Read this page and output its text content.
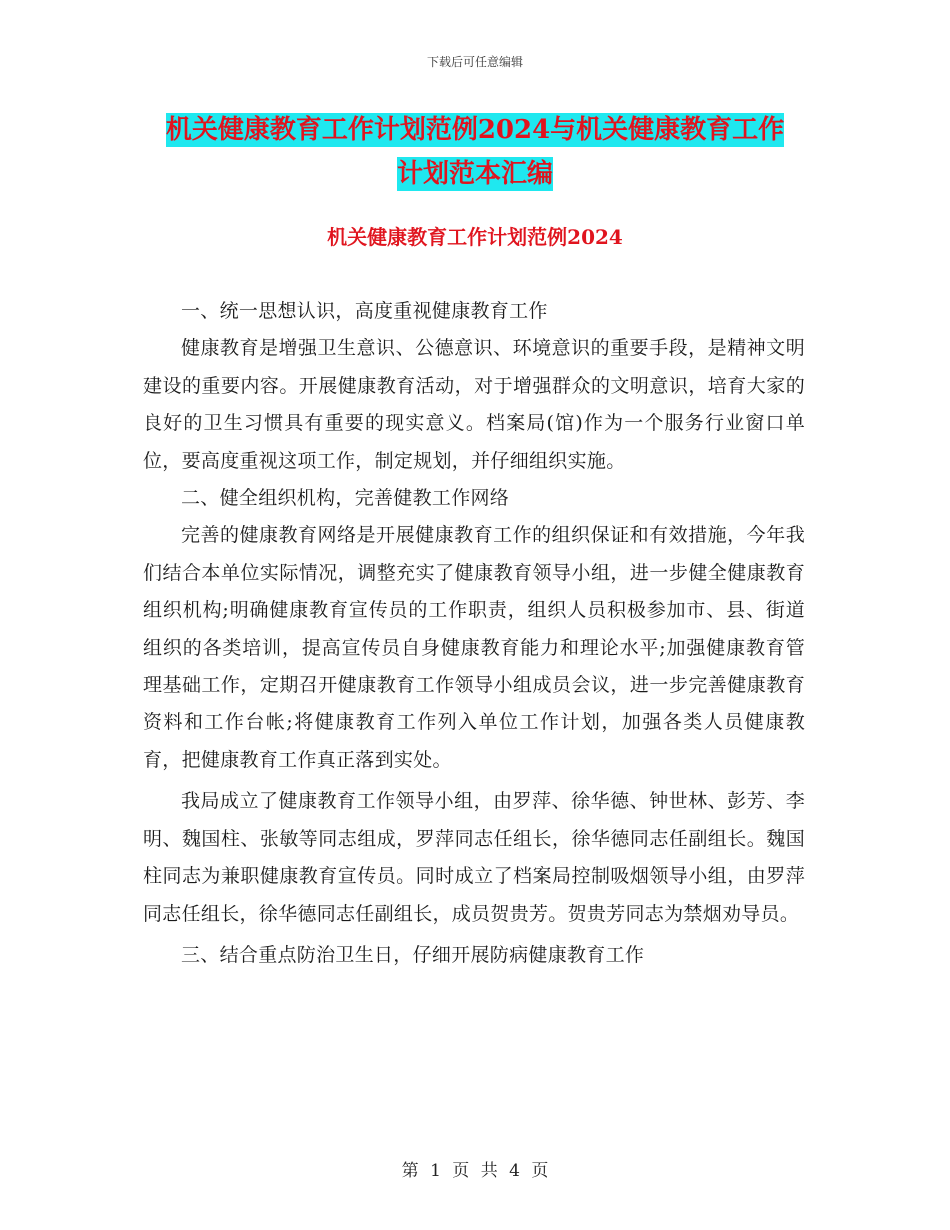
下载后可任意编辑
机关健康教育工作计划范例2024与机关健康教育工作
计划范本汇编
机关健康教育工作计划范例2024

一、统一思想认识，高度重视健康教育工作

健康教育是增强卫生意识、公德意识、环境意识的重要手段，是精神文明建设的重要内容。开展健康教育活动，对于增强群众的文明意识，培育大家的良好的卫生习惯具有重要的现实意义。档案局(馆)作为一个服务行业窗口单位，要高度重视这项工作，制定规划，并仔细组织实施。

二、健全组织机构，完善健教工作网络

完善的健康教育网络是开展健康教育工作的组织保证和有效措施，今年我们结合本单位实际情况，调整充实了健康教育领导小组，进一步健全健康教育组织机构;明确健康教育宣传员的工作职责，组织人员积极参加市、县、街道组织的各类培训，提高宣传员自身健康教育能力和理论水平;加强健康教育管理基础工作，定期召开健康教育工作领导小组成员会议，进一步完善健康教育资料和工作台帐;将健康教育工作列入单位工作计划，加强各类人员健康教育，把健康教育工作真正落到实处。

我局成立了健康教育工作领导小组，由罗萍、徐华德、钟世林、彭芳、李明、魏国柱、张敏等同志组成，罗萍同志任组长，徐华德同志任副组长。魏国柱同志为兼职健康教育宣传员。同时成立了档案局控制吸烟领导小组，由罗萍同志任组长，徐华德同志任副组长，成员贺贵芳。贺贵芳同志为禁烟劝导员。

三、结合重点防治卫生日，仔细开展防病健康教育工作

第 1 页 共 4 页
